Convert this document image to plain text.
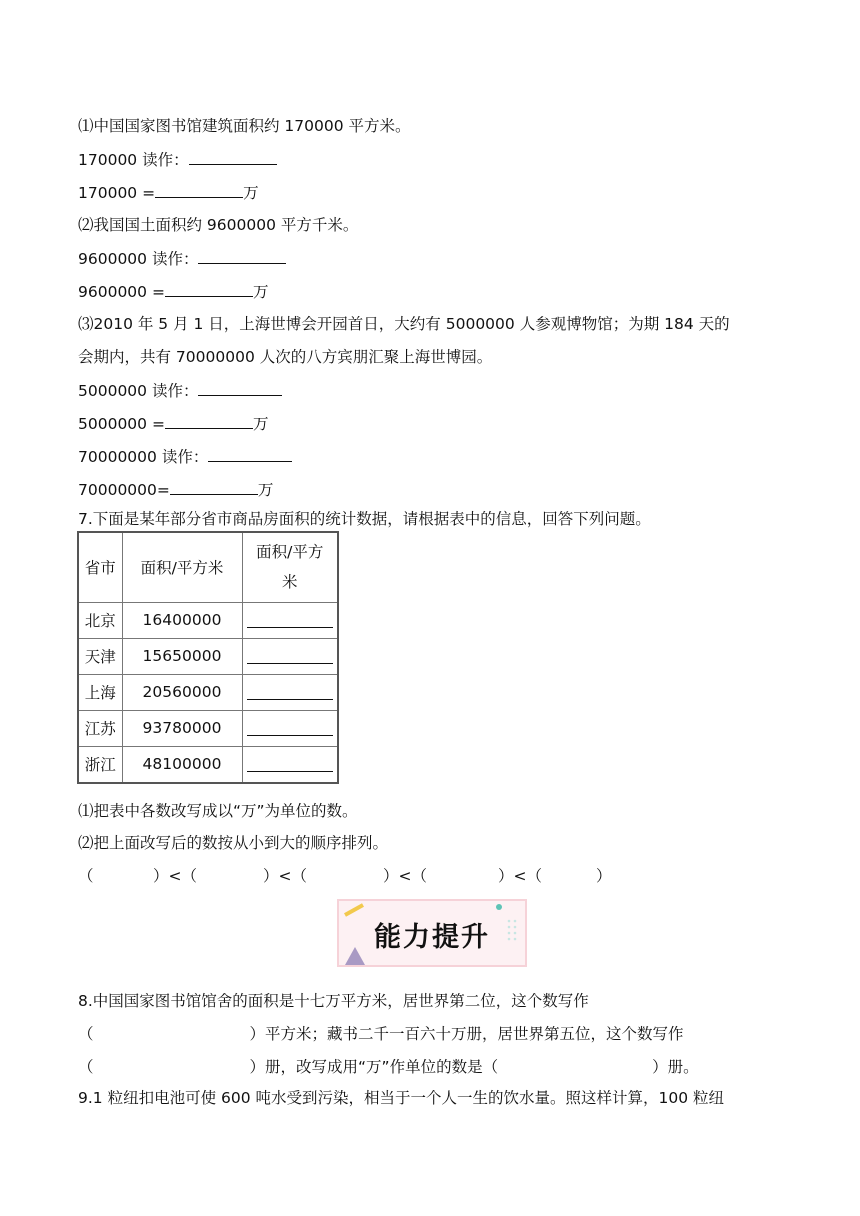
⑴中国国家图书馆建筑面积约 170000 平方米。
170000 读作：
170000 =	万
⑵我国国土面积约 9600000 平方千米。
9600000 读作：
9600000 =	万
⑶2010 年 5 月 1 日，上海世博会开园首日，大约有 5000000 人参观博物馆；为期 184 天的
会期内，共有 70000000 人次的八方宾朋汇聚上海世博园。
5000000 读作：
5000000 =	万
70000000 读作：
70000000=	万
7.下面是某年部分省市商品房面积的统计数据，请根据表中的信息，回答下列问题。
省市	面积/平方米	面积/平方
米

北京	16400000	
天津	15650000	
上海	20560000	
江苏	93780000	
浙江	48100000	
⑴把表中各数改写成以“万”为单位的数。
⑵把上面改写后的数按从小到大的顺序排列。
（	）<（	）<（	）<（	）<（	）
能力提升
8.中国国家图书馆馆舍的面积是十七万平方米，居世界第二位，这个数写作
（	）平方米；藏书二千一百六十万册，居世界第五位，这个数写作
（	）册，改写成用“万”作单位的数是（	）册。
9.1 粒纽扣电池可使 600 吨水受到污染，相当于一个人一生的饮水量。照这样计算，100 粒纽
